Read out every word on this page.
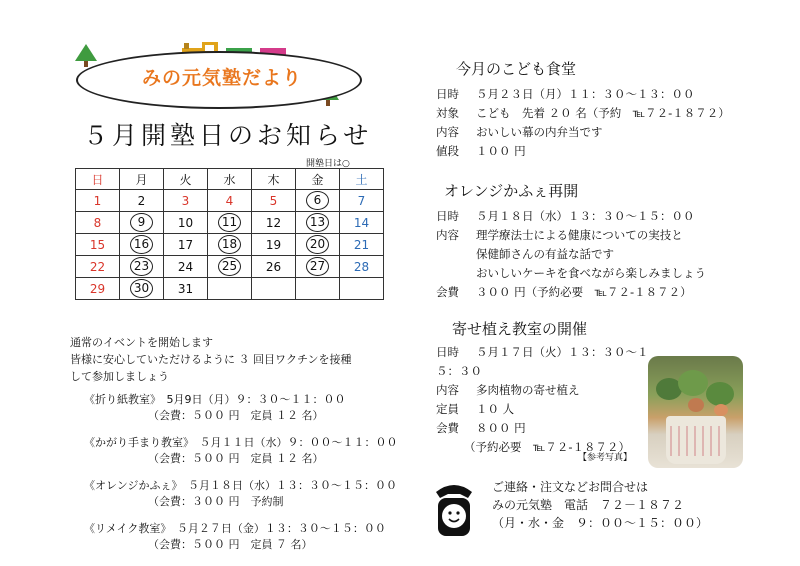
みの元気塾だより
５月開塾日のお知らせ
開塾日は○
日	月	火	水	木	金	土
1	2	3	4	5	6	7
8	9	10	11	12	13	14
15	16	17	18	19	20	21
22	23	24	25	26	27	28
29	30	31				
通常のイベントを開始します
皆様に安心していただけるように ３ 回目ワクチンを接種
して参加しましょう
《折り紙教室》　5月9日（月）９：３０～１１：００
（会費：５００ 円　定員 １２ 名）
《かがり手まり教室》　５月１１日（水）９：００～１１：００
（会費：５００ 円　定員 １２ 名）
《オレンジかふぇ》　５月１８日（水）１３：３０～１５：００
（会費：３００ 円　予約制
《リメイク教室》　５月２７日（金）１３：３０～１５：００
（会費：５００ 円　定員 ７ 名）
今月のこども食堂
日時 ５月２３日（月）１１：３０～１３：００
対象 こども　先着 ２０ 名（予約　℡７２-１８７２）
内容 おいしい幕の内弁当です
値段 １００ 円
オレンジかふぇ再開
日時 ５月１８日（水）１３：３０～１５：００
内容 理学療法士による健康についての実技と
保健師さんの有益な話です
おいしいケーキを食べながら楽しみましょう
会費 ３００ 円（予約必要　℡７２-１８７２）
寄せ植え教室の開催
日時 ５月１７日（火）１３：３０～１５：３０
内容 多肉植物の寄せ植え
定員 １０ 人
会費 ８００ 円
（予約必要　℡７２-１８７２）
【参考写真】
ご連絡・注文などお問合せは
みの元気塾　電話　７２－１８７２
（月・水・金　９：００～１５：００）
